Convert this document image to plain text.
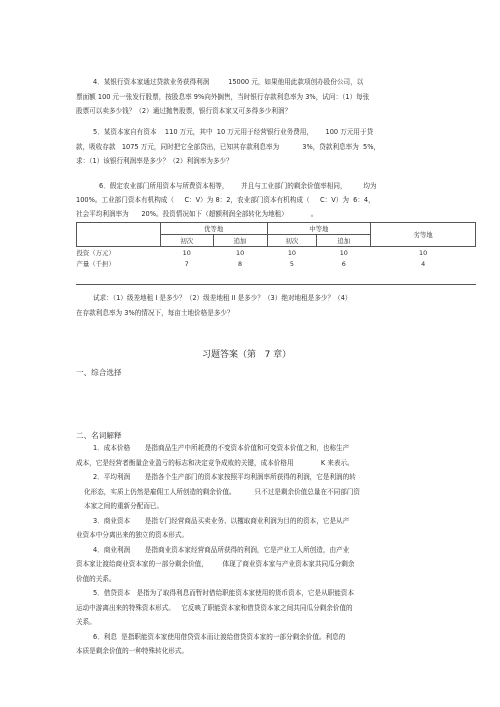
4．某银行资本家通过贷款业务获得利润         15000 元，如果他用此款项创办股份公司，以
票面额 100 元一张发行股票，按股息率 9%向外搁售，当时银行存款利息率为 3%，试问：（1）每张
股票可以卖多少钱？（2）通过抛售股票，银行资本家又可多得多少利润？
5．某资本家自有资本    110 万元，其中  10 万元用于经营银行业务费用，      100 万元用于贷
款，吸收存款   1075 万元，同时把它全部贷出，已知其存款利息率为           3%，贷款利息率为  5%，
求：（1）该银行利润率是多少？（2）利润率为多少？
6．假定农业部门所用资本与所费资本相等，      并且与工业部门的剩余价值率相同，        均为
100%。工业部门资本有机构成（     C：V）为 8：2，农业部门资本有机构成（     C：V）为  6：4，
社会平均利润率为      20%。投资情况如下（超额利润全部转化为地租）           。
	优等地		中等地		劣等地
	初次	追加	初次	追加	
投资（万元）	10	10	10	10	10
产量（千担）	7	8	5	6	4
试求：（1）级差地租 I 是多少？（2）级差地租 II 是多少？（3）绝对地租是多少？（4）
在存款利息率为 3%的情况下，每亩土地价格是多少？
习题答案（第   7 章）
一、综合选择
二、名词解释
1．成本价格       是指商品生产中所耗费的不变资本价值和可变资本价值之和，也称生产
成本，它是经营者衡量企业盈亏的标志和决定竞争成败的关键，成本价格用             K 来表示。
2．平均利润       是指各个生产部门的资本家按照平均利润率所获得的利润，它是利润的转
化形态，实质上仍然是雇佣工人所创造的剩余价值。         只不过是剩余价值总量在不同部门资
本家之间的重新分配而已。
3．商业资本       是指专门经营商品买卖业务、以攫取商业利润为目的的资本，它是从产
业资本中分离出来的独立的资本形式。
4．商业利润       是指商业资本家经营商品所获得的利润，它是产业工人所创造，由产业
资本家让渡给商业资本家的一部分剩余价值，       体现了商业资本家与产业资本家共同瓜分剩余
价值的关系。
5．借贷资本   是指为了取得利息而暂时借给职能资本家使用的货币资本，它是从职能资本
运动中游离出来的特殊资本形式。   它反映了职能资本家和借贷资本家之间共同瓜分剩余价值的
关系。
6．利息  是指职能资本家使用借贷资本而让渡给借贷资本家的一部分剩余价值。利息的
本质是剩余价值的一种特殊转化形式。
